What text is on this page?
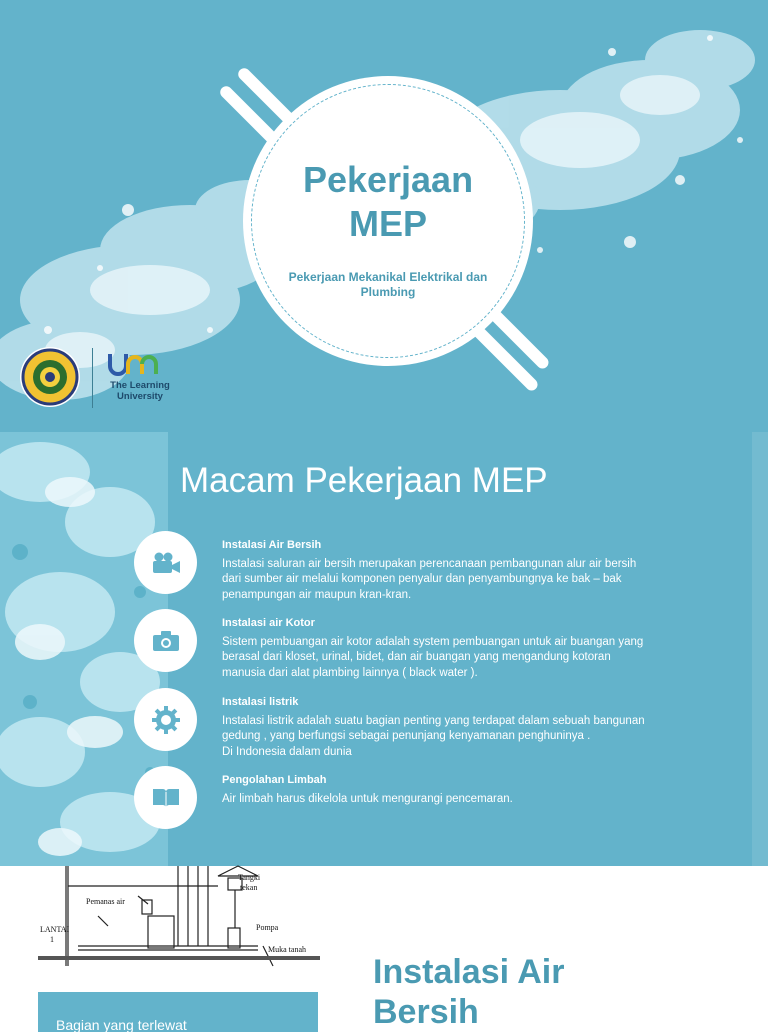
Pekerjaan
MEP
Pekerjaan Mekanikal Elektrikal dan
Plumbing
The Learning
University
Macam Pekerjaan MEP
Instalasi Air Bersih
Instalasi saluran air bersih merupakan perencanaan pembangunan alur air bersih
dari sumber air melalui komponen penyalur dan penyambungnya ke bak – bak
penampungan air maupun kran-kran.
Instalasi air Kotor
Sistem pembuangan air kotor adalah system pembuangan untuk air buangan yang
berasal dari kloset, urinal, bidet, dan air buangan yang mengandung kotoran
manusia dari alat plambing lainnya ( black water ).
Instalasi listrik
Instalasi listrik adalah suatu bagian penting yang terdapat dalam sebuah bangunan
gedung , yang berfungsi sebagai penunjang kenyamanan penghuninya .
Di Indonesia dalam dunia
Pengolahan Limbah
Air limbah harus dikelola untuk mengurangi pencemaran.
Tangki
tekan
Pemanas air
LANTAI
1
Pompa
Muka tanah
Instalasi Air
Bersih
Bagian yang terlewat
